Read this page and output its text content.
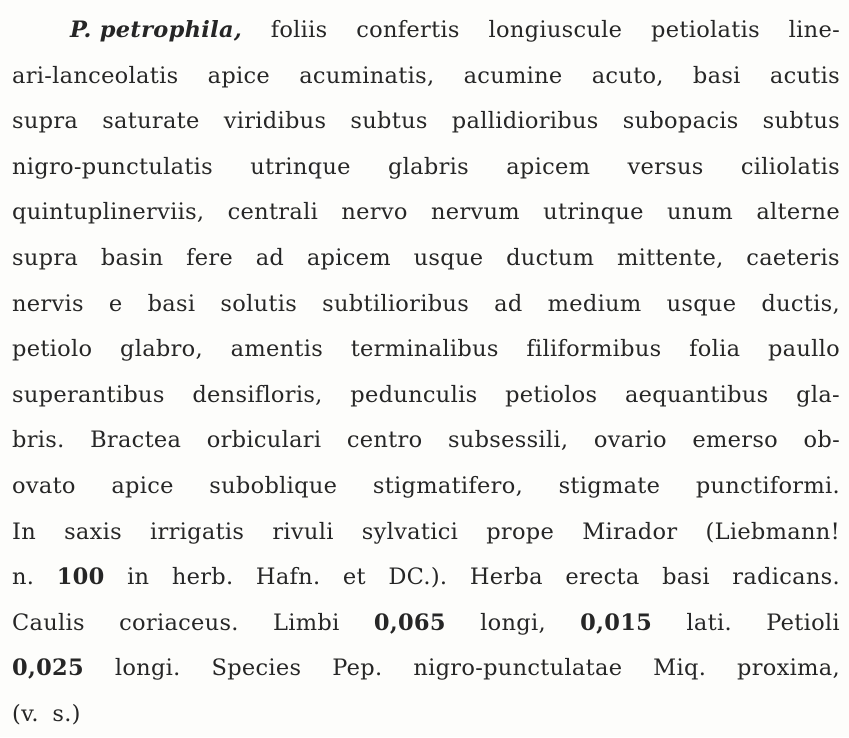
P. petrophila, foliis confertis longiuscule petiolatis line-
ari-lanceolatis apice acuminatis, acumine acuto, basi acutis
supra saturate viridibus subtus pallidioribus subopacis subtus
nigro-punctulatis utrinque glabris apicem versus ciliolatis
quintuplinerviis, centrali nervo nervum utrinque unum alterne
supra basin fere ad apicem usque ductum mittente, caeteris
nervis e basi solutis subtilioribus ad medium usque ductis,
petiolo glabro, amentis terminalibus filiformibus folia paullo
superantibus densifloris, pedunculis petiolos aequantibus gla-
bris. Bractea orbiculari centro subsessili, ovario emerso ob-
ovato apice suboblique stigmatifero, stigmate punctiformi.
In saxis irrigatis rivuli sylvatici prope Mirador (Liebmann!
n. 100 in herb. Hafn. et DC.). Herba erecta basi radicans.
Caulis coriaceus. Limbi 0,065 longi, 0,015 lati. Petioli
0,025 longi. Species Pep. nigro-punctulatae Miq. proxima,
(v. s.)
